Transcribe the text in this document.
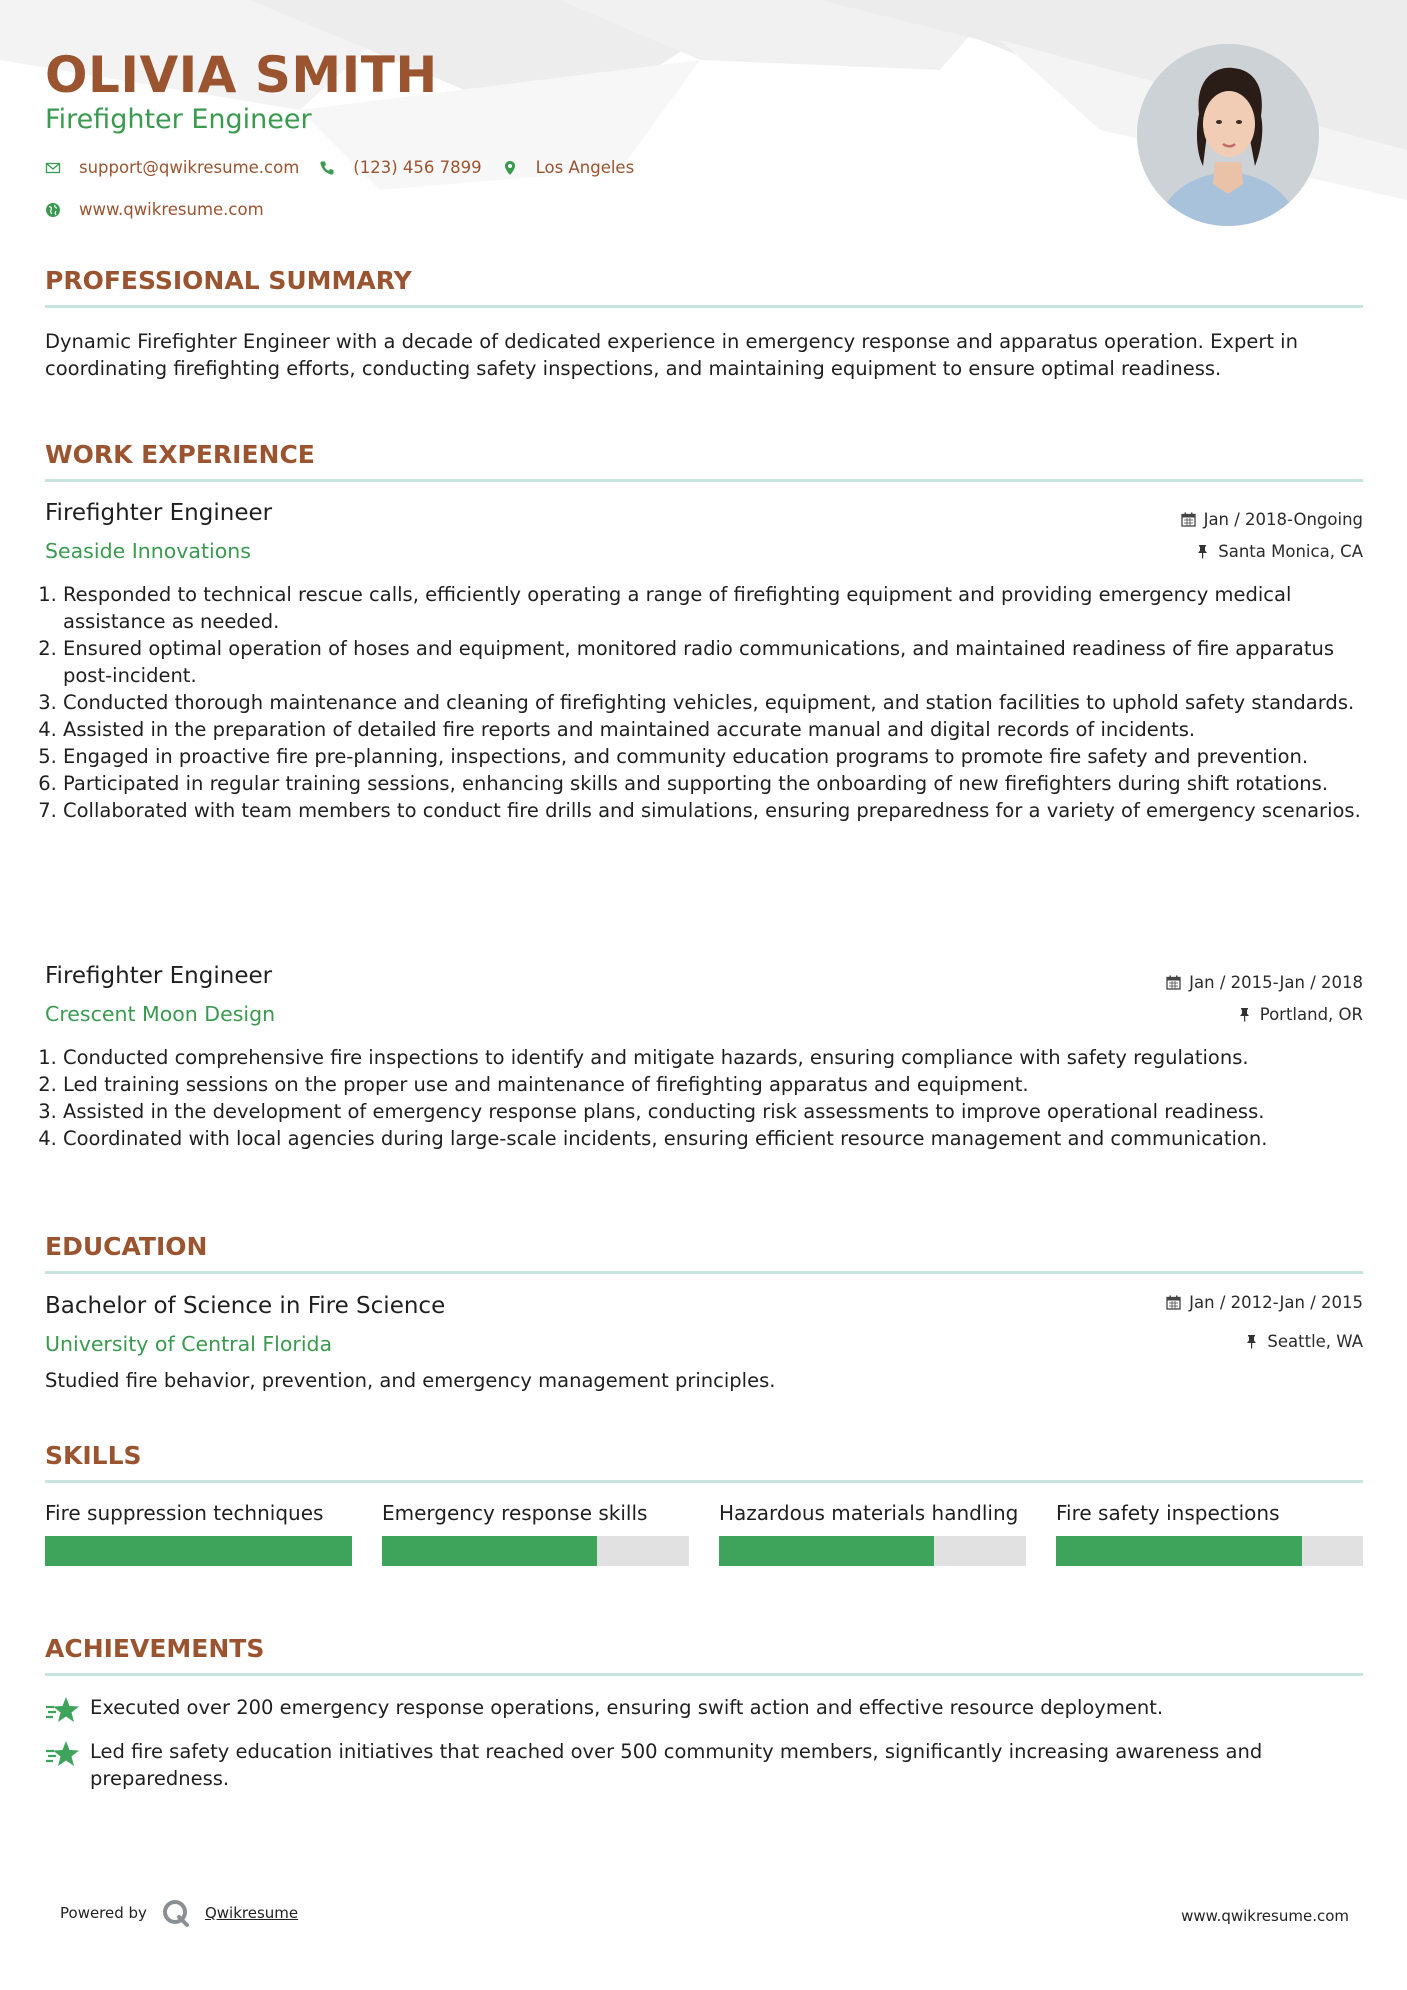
OLIVIA SMITH
Firefighter Engineer
support@qwikresume.com	(123) 456 7899	Los Angeles
www.qwikresume.com
PROFESSIONAL SUMMARY
Dynamic Firefighter Engineer with a decade of dedicated experience in emergency response and apparatus operation. Expert in coordinating firefighting efforts, conducting safety inspections, and maintaining equipment to ensure optimal readiness.
WORK EXPERIENCE
Firefighter Engineer
Seaside Innovations
Jan / 2018-Ongoing
Santa Monica, CA
1. Responded to technical rescue calls, efficiently operating a range of firefighting equipment and providing emergency medical assistance as needed.
2. Ensured optimal operation of hoses and equipment, monitored radio communications, and maintained readiness of fire apparatus post-incident.
3. Conducted thorough maintenance and cleaning of firefighting vehicles, equipment, and station facilities to uphold safety standards.
4. Assisted in the preparation of detailed fire reports and maintained accurate manual and digital records of incidents.
5. Engaged in proactive fire pre-planning, inspections, and community education programs to promote fire safety and prevention.
6. Participated in regular training sessions, enhancing skills and supporting the onboarding of new firefighters during shift rotations.
7. Collaborated with team members to conduct fire drills and simulations, ensuring preparedness for a variety of emergency scenarios.
Firefighter Engineer
Crescent Moon Design
Jan / 2015-Jan / 2018
Portland, OR
1. Conducted comprehensive fire inspections to identify and mitigate hazards, ensuring compliance with safety regulations.
2. Led training sessions on the proper use and maintenance of firefighting apparatus and equipment.
3. Assisted in the development of emergency response plans, conducting risk assessments to improve operational readiness.
4. Coordinated with local agencies during large-scale incidents, ensuring efficient resource management and communication.
EDUCATION
Bachelor of Science in Fire Science
University of Central Florida
Jan / 2012-Jan / 2015
Seattle, WA
Studied fire behavior, prevention, and emergency management principles.
SKILLS
Fire suppression techniques	Emergency response skills	Hazardous materials handling	Fire safety inspections
ACHIEVEMENTS
Executed over 200 emergency response operations, ensuring swift action and effective resource deployment.
Led fire safety education initiatives that reached over 500 community members, significantly increasing awareness and preparedness.
Powered by	Qwikresume	www.qwikresume.com
